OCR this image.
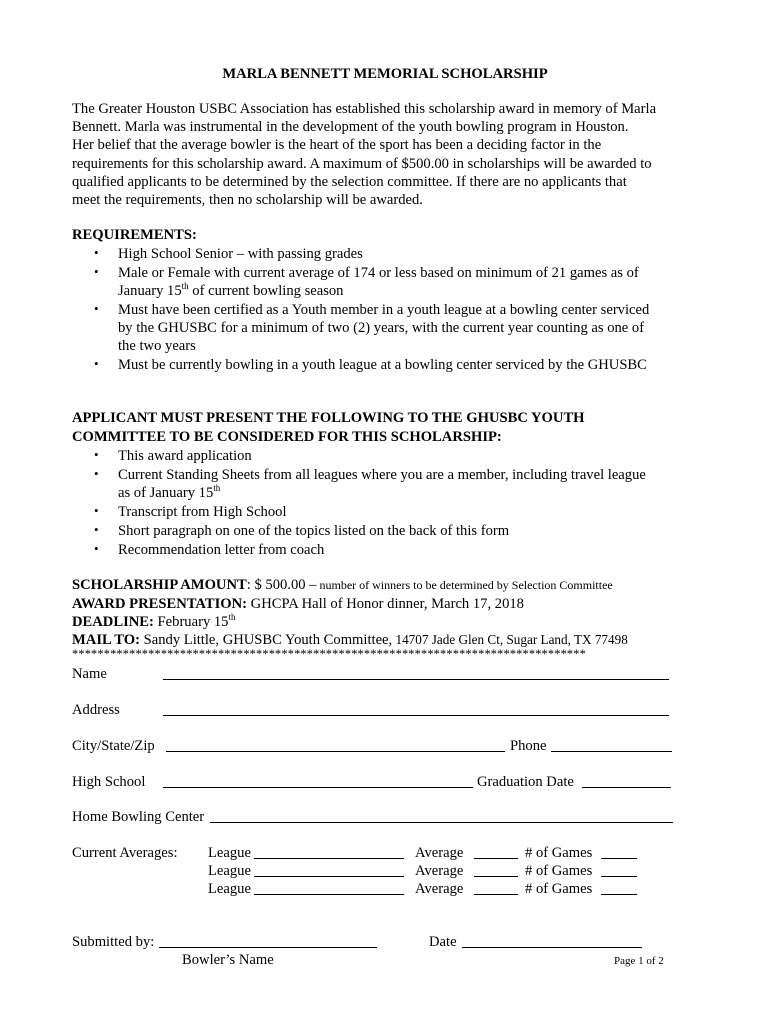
MARLA BENNETT MEMORIAL SCHOLARSHIP
The Greater Houston USBC Association has established this scholarship award in memory of Marla
Bennett. Marla was instrumental in the development of the youth bowling program in Houston.
Her belief that the average bowler is the heart of the sport has been a deciding factor in the
requirements for this scholarship award. A maximum of $500.00 in scholarships will be awarded to
qualified applicants to be determined by the selection committee. If there are no applicants that
meet the requirements, then no scholarship will be awarded.
REQUIREMENTS:
• High School Senior – with passing grades
• Male or Female with current average of 174 or less based on minimum of 21 games as of
January 15th of current bowling season
• Must have been certified as a Youth member in a youth league at a bowling center serviced
by the GHUSBC for a minimum of two (2) years, with the current year counting as one of
the two years
• Must be currently bowling in a youth league at a bowling center serviced by the GHUSBC
APPLICANT MUST PRESENT THE FOLLOWING TO THE GHUSBC YOUTH
COMMITTEE TO BE CONSIDERED FOR THIS SCHOLARSHIP:
• This award application
• Current Standing Sheets from all leagues where you are a member, including travel league
as of January 15th
• Transcript from High School
• Short paragraph on one of the topics listed on the back of this form
• Recommendation letter from coach
SCHOLARSHIP AMOUNT: $ 500.00 – number of winners to be determined by Selection Committee
AWARD PRESENTATION: GHCPA Hall of Honor dinner, March 17, 2018
DEADLINE: February 15th
MAIL TO: Sandy Little, GHUSBC Youth Committee, 14707 Jade Glen Ct, Sugar Land, TX 77498
*********************************************************************************
Name
Address
City/State/Zip	Phone
High School	Graduation Date
Home Bowling Center
Current Averages: League	Average	# of Games
League	Average	# of Games
League	Average	# of Games
Submitted by:	Date
Bowler’s Name	Page 1 of 2
